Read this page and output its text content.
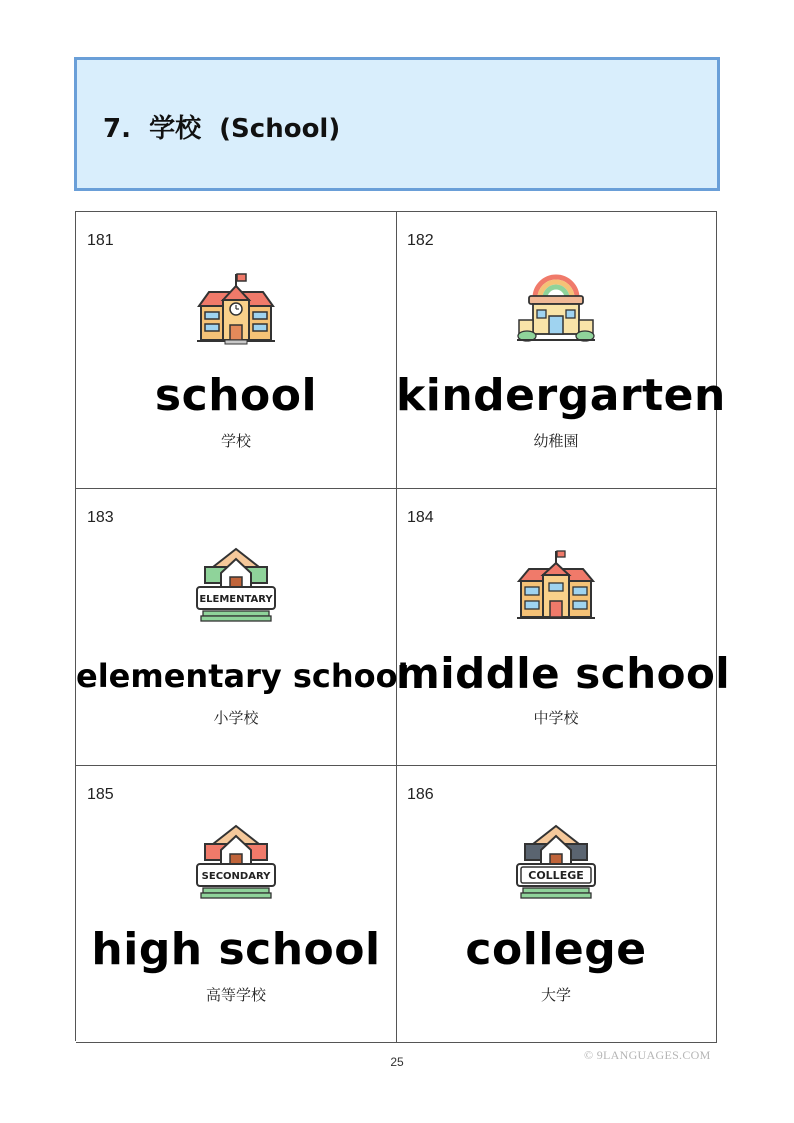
7.  学校  (School)
181
school
学校
182
kindergarten
幼稚園
183
ELEMENTARY
elementary school
小学校
184
middle school
中学校
185
SECONDARY
high school
高等学校
186
COLLEGE
college
大学
25	© 9LANGUAGES.COM
